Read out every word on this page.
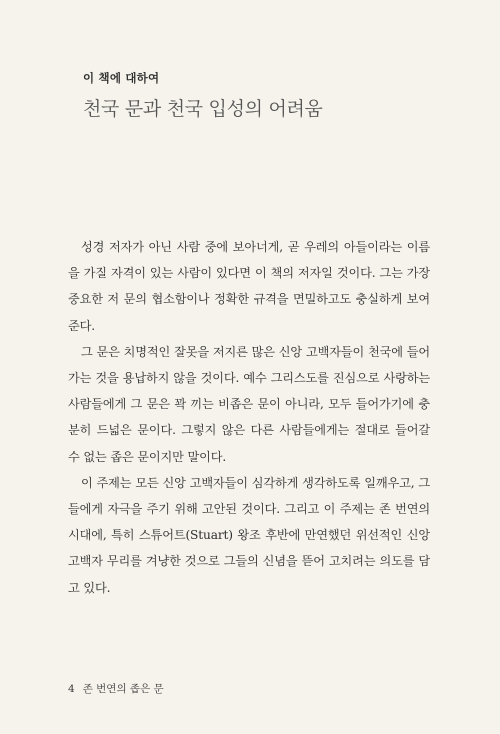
이 책에 대하여
천국 문과 천국 입성의 어려움

성경 저자가 아닌 사람 중에 보아너게, 곧 우레의 아들이라는 이름을 가질 자격이 있는 사람이 있다면 이 책의 저자일 것이다. 그는 가장 중요한 저 문의 협소함이나 정확한 규격을 면밀하고도 충실하게 보여 준다.

그 문은 치명적인 잘못을 저지른 많은 신앙 고백자들이 천국에 들어가는 것을 용납하지 않을 것이다. 예수 그리스도를 진심으로 사랑하는 사람들에게 그 문은 꽉 끼는 비좁은 문이 아니라, 모두 들어가기에 충분히 드넓은 문이다. 그렇지 않은 다른 사람들에게는 절대로 들어갈 수 없는 좁은 문이지만 말이다.

이 주제는 모든 신앙 고백자들이 심각하게 생각하도록 일깨우고, 그들에게 자극을 주기 위해 고안된 것이다. 그리고 이 주제는 존 번연의 시대에, 특히 스튜어트(Stuart) 왕조 후반에 만연했던 위선적인 신앙 고백자 무리를 겨냥한 것으로 그들의 신념을 뜯어 고치려는 의도를 담고 있다.

4 존 번연의 좁은 문
